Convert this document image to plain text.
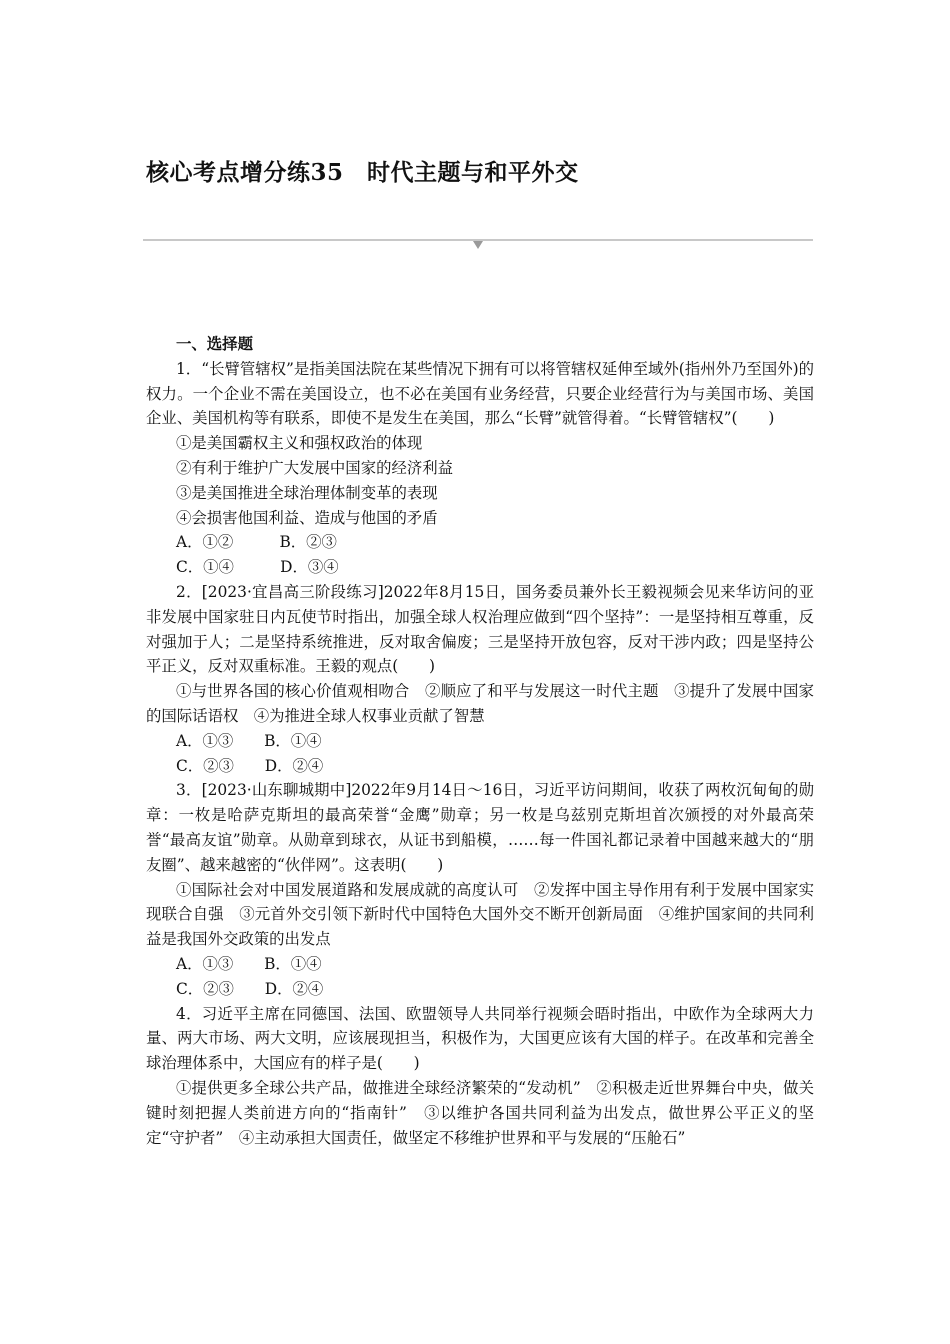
核心考点增分练35　时代主题与和平外交
一、选择题
1．“长臂管辖权”是指美国法院在某些情况下拥有可以将管辖权延伸至域外(指州外乃至国外)的权力。一个企业不需在美国设立，也不必在美国有业务经营，只要企业经营行为与美国市场、美国企业、美国机构等有联系，即使不是发生在美国，那么“长臂”就管得着。“长臂管辖权”(　　)
①是美国霸权主义和强权政治的体现
②有利于维护广大发展中国家的经济利益
③是美国推进全球治理体制变革的表现
④会损害他国利益、造成与他国的矛盾
A．①②　　　B．②③
C．①④　　　D．③④
2．[2023·宜昌高三阶段练习]2022年8月15日，国务委员兼外长王毅视频会见来华访问的亚非发展中国家驻日内瓦使节时指出，加强全球人权治理应做到“四个坚持”：一是坚持相互尊重，反对强加于人；二是坚持系统推进，反对取舍偏废；三是坚持开放包容，反对干涉内政；四是坚持公平正义，反对双重标准。王毅的观点(　　)
①与世界各国的核心价值观相吻合　②顺应了和平与发展这一时代主题　③提升了发展中国家的国际话语权　④为推进全球人权事业贡献了智慧
A．①③　　B．①④
C．②③　　D．②④
3．[2023·山东聊城期中]2022年9月14日～16日，习近平访问期间，收获了两枚沉甸甸的勋章：一枚是哈萨克斯坦的最高荣誉“金鹰”勋章；另一枚是乌兹别克斯坦首次颁授的对外最高荣誉“最高友谊”勋章。从勋章到球衣，从证书到船模，……每一件国礼都记录着中国越来越大的“朋友圈”、越来越密的“伙伴网”。这表明(　　)
①国际社会对中国发展道路和发展成就的高度认可　②发挥中国主导作用有利于发展中国家实现联合自强　③元首外交引领下新时代中国特色大国外交不断开创新局面　④维护国家间的共同利益是我国外交政策的出发点
A．①③　　B．①④
C．②③　　D．②④
4．习近平主席在同德国、法国、欧盟领导人共同举行视频会晤时指出，中欧作为全球两大力量、两大市场、两大文明，应该展现担当，积极作为，大国更应该有大国的样子。在改革和完善全球治理体系中，大国应有的样子是(　　)
①提供更多全球公共产品，做推进全球经济繁荣的“发动机”　②积极走近世界舞台中央，做关键时刻把握人类前进方向的“指南针”　③以维护各国共同利益为出发点，做世界公平正义的坚定“守护者”　④主动承担大国责任，做坚定不移维护世界和平与发展的“压舱石”
